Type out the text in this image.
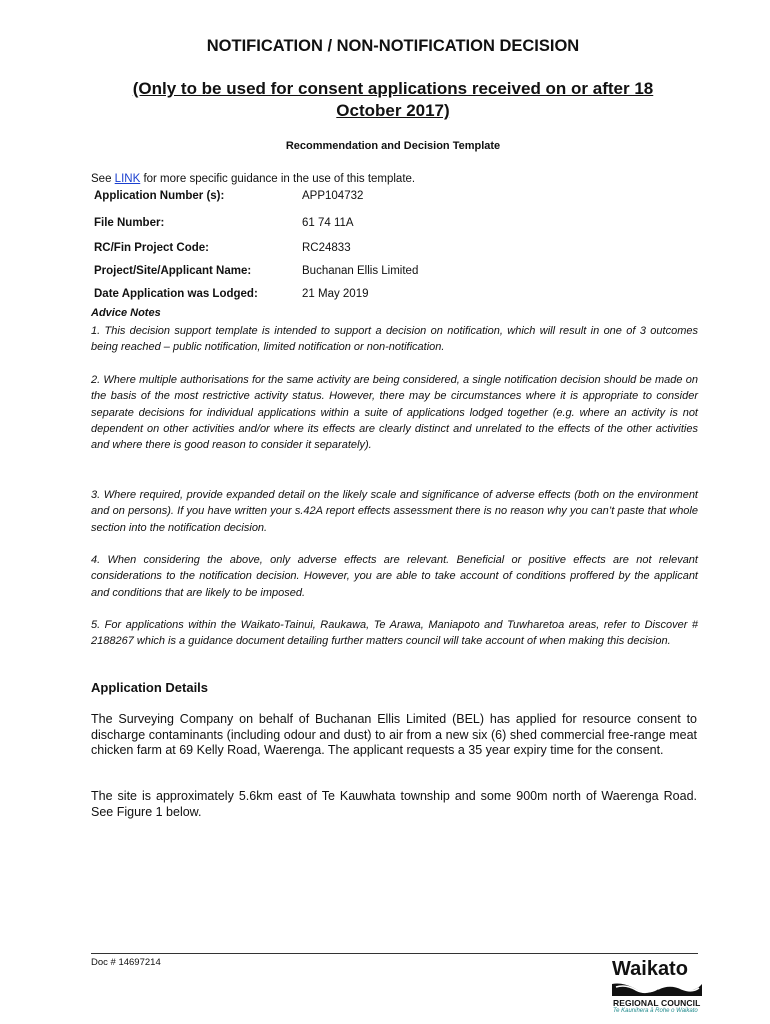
NOTIFICATION / NON-NOTIFICATION DECISION
(Only to be used for consent applications received on or after 18
October 2017)
Recommendation and Decision Template
See LINK for more specific guidance in the use of this template.
Application Number (s):	APP104732
File Number:	61 74 11A
RC/Fin Project Code:	RC24833
Project/Site/Applicant Name:	Buchanan Ellis Limited
Date Application was Lodged:	21 May 2019
Advice Notes
1. This decision support template is intended to support a decision on notification, which will result in one of 3 outcomes being reached – public notification, limited notification or non-notification.
2. Where multiple authorisations for the same activity are being considered, a single notification decision should be made on the basis of the most restrictive activity status. However, there may be circumstances where it is appropriate to consider separate decisions for individual applications within a suite of applications lodged together (e.g. where an activity is not dependent on other activities and/or where its effects are clearly distinct and unrelated to the effects of the other activities and where there is good reason to consider it separately).
3. Where required, provide expanded detail on the likely scale and significance of adverse effects (both on the environment and on persons). If you have written your s.42A report effects assessment there is no reason why you can’t paste that whole section into the notification decision.
4. When considering the above, only adverse effects are relevant. Beneficial or positive effects are not relevant considerations to the notification decision. However, you are able to take account of conditions proffered by the applicant and conditions that are likely to be imposed.
5. For applications within the Waikato-Tainui, Raukawa, Te Arawa, Maniapoto and Tuwharetoa areas, refer to Discover # 2188267 which is a guidance document detailing further matters council will take account of when making this decision.
Application Details
The Surveying Company on behalf of Buchanan Ellis Limited (BEL) has applied for resource consent to discharge contaminants (including odour and dust) to air from a new six (6) shed commercial free-range meat chicken farm at 69 Kelly Road, Waerenga. The applicant requests a 35 year expiry time for the consent.
The site is approximately 5.6km east of Te Kauwhata township and some 900m north of Waerenga Road. See Figure 1 below.
Doc # 14697214	Waikato
REGIONAL COUNCIL
Te Kaunihera ā Rohe o Waikato
